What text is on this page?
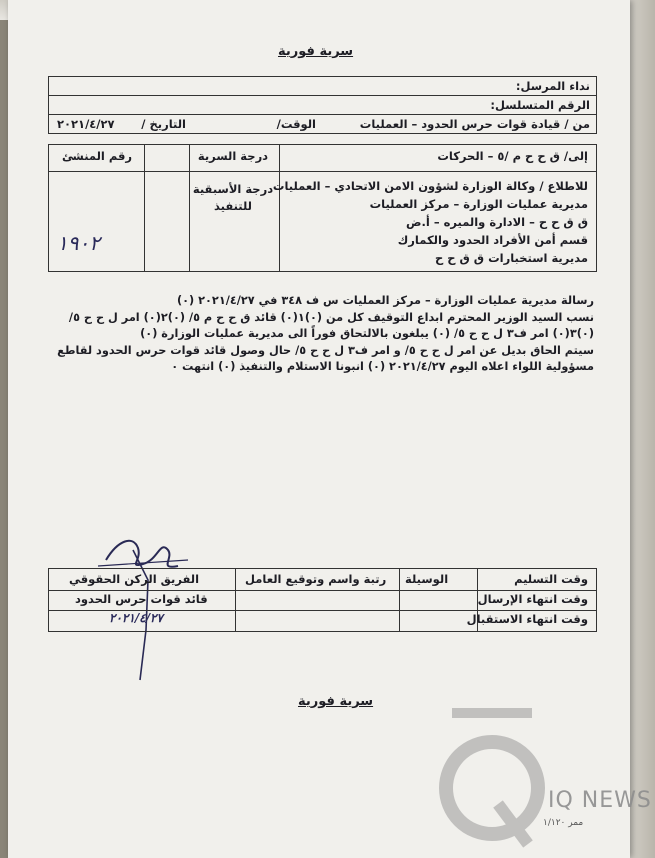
سرية فورية
نداء المرسل:
الرقم المتسلسل:
من / قيادة قوات حرس الحدود – العمليات
الوقت/
التاريخ /
٢٠٢١/٤/٢٧
إلى/ ق ح ح م /٥ – الحركات
درجة السرية
رقم المنشئ
للاطلاع / وكالة الوزارة لشؤون الامن الاتحادي – العمليات
مديرية عمليات الوزارة – مركز العمليات
ق ق ح ح – الادارة والميره – أ.ض
قسم أمن الأفراد الحدود والكمارك
مديرية استخبارات ق ق ح ح
درجة الأسبقية للتنفيذ
١٩٠٢
رسالة مديرية عمليات الوزارة – مركز العمليات س ف ٣٤٨ في ٢٠٢١/٤/٢٧ (٠)
نسب السيد الوزير المحترم ابداع التوقيف كل من (٠)١(٠) قائد ق ح ح م ٥/ (٠)٢(٠) امر ل ح ح ٥/
(٠)٣(٠) امر ف٣ ل ح ح ٥/ (٠) يبلغون بالالتحاق فوراً الى مديرية عمليات الوزارة (٠)
سيتم الحاق بديل عن امر ل ح ح ٥/ و امر ف٣ ل ح ح ٥/ حال وصول قائد قوات حرس الحدود لقاطع
مسؤولية اللواء اعلاه اليوم ٢٠٢١/٤/٢٧ (٠) انبونا الاستلام والتنفيذ (٠) انتهت ٠
وقت التسليم
وقت انتهاء الإرسال
وقت انتهاء الاستقبال
الوسيلة
رتبة واسم وتوقيع العامل
الفريق الركن الحقوقي
قائد قوات حرس الحدود
٢٠٢١/٤/٢٧
سرية فورية
ممر ١/١٢٠
IQ NEWS
